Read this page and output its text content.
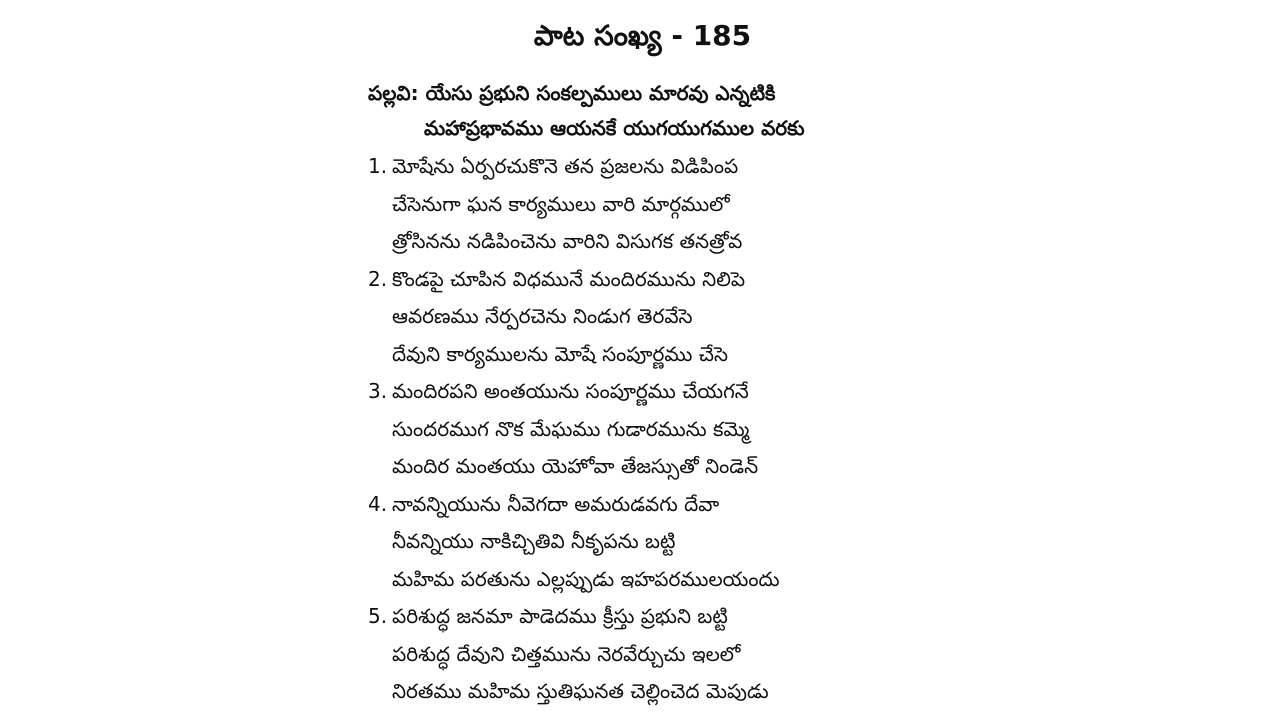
పాట సంఖ్య - 185
పల్లవి: యేసు ప్రభుని సంకల్పములు మారవు ఎన్నటికి
మహాప్రభావము ఆయనకే యుగయుగముల వరకు
1. మోషేను ఏర్పరచుకొనె తన ప్రజలను విడిపింప
చేసెనుగా ఘన కార్యములు వారి మార్గములో
త్రోసినను నడిపించెను వారిని విసుగక తనత్రోవ
2. కొండపై చూపిన విధమునే మందిరమును నిలిపె
ఆవరణము నేర్పరచెను నిండుగ తెరవేసె
దేవుని కార్యములను మోషే సంపూర్ణము చేసె
3. మందిరపని అంతయును సంపూర్ణము చేయగనే
సుందరముగ నొక మేఘము గుడారమును కమ్మె
మందిర మంతయు యెహోవా తేజస్సుతో నిండెన్
4. నావన్నియును నీవెగదా అమరుడవగు దేవా
నీవన్నియు నాకిచ్చితివి నీకృపను బట్టి
మహిమ పరతును ఎల్లప్పుడు ఇహపరములయందు
5. పరిశుద్ధ జనమా పాడెదము క్రీస్తు ప్రభుని బట్టి
పరిశుద్ధ దేవుని చిత్తమును నెరవేర్చుచు ఇలలో
నిరతము మహిమ స్తుతిఘనత చెల్లించెద మెపుడు
